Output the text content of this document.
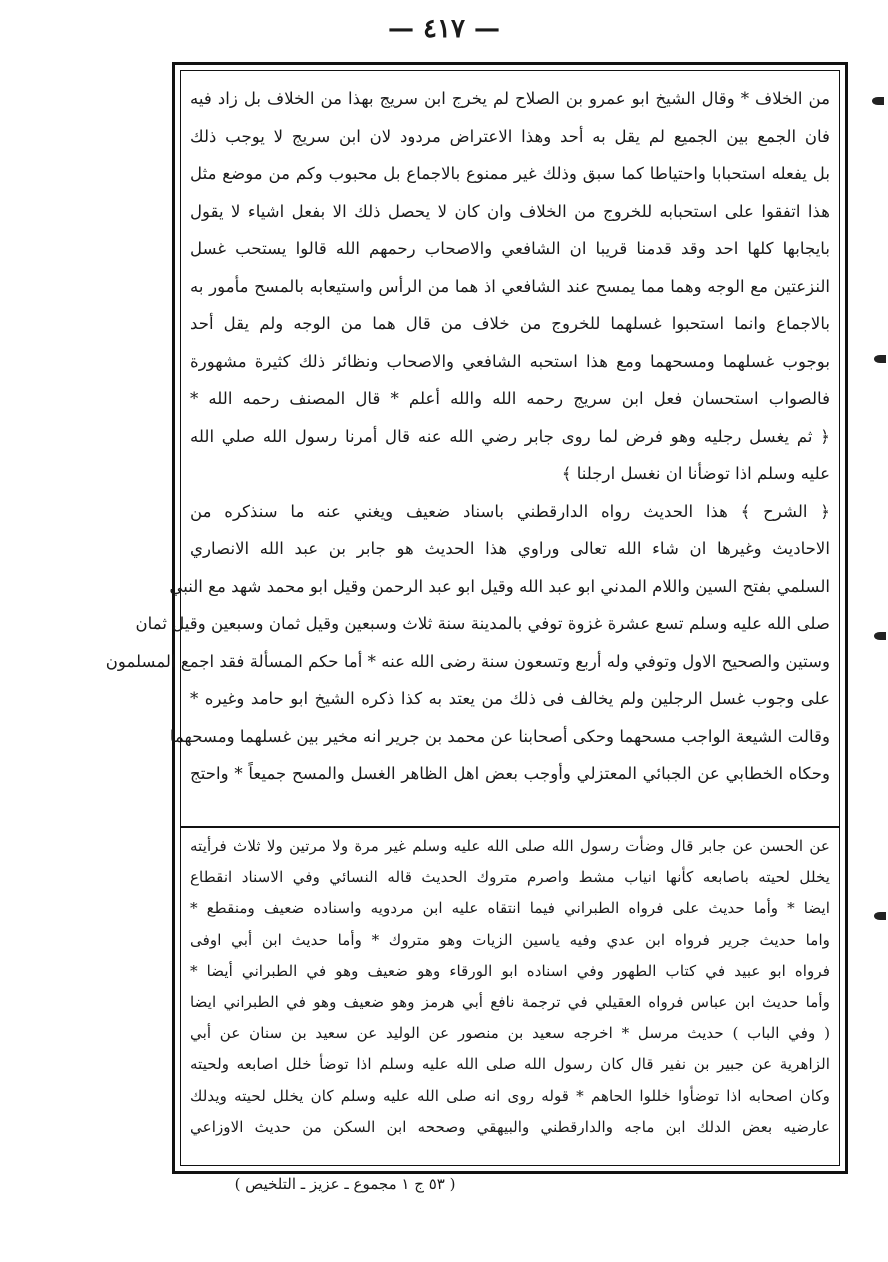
— ٤١٧ —
من الخلاف * وقال الشيخ ابو عمرو بن الصلاح لم يخرج ابن سريج بهذا من الخلاف بل زاد فيه
فان الجمع بين الجميع لم يقل به أحد وهذا الاعتراض مردود لان ابن سريج لا يوجب ذلك
بل يفعله استحبابا واحتياطا كما سبق وذلك غير ممنوع بالاجماع بل محبوب وكم من موضع مثل
هذا اتفقوا على استحبابه للخروج من الخلاف وان كان لا يحصل ذلك الا بفعل اشياء لا يقول
بايجابها كلها احد وقد قدمنا قريبا ان الشافعي والاصحاب رحمهم الله قالوا يستحب غسل
النزعتين مع الوجه وهما مما يمسح عند الشافعي اذ هما من الرأس واستيعابه بالمسح مأمور به
بالاجماع وانما استحبوا غسلهما للخروج من خلاف من قال هما من الوجه ولم يقل أحد
بوجوب غسلهما ومسحهما ومع هذا استحبه الشافعي والاصحاب ونظائر ذلك كثيرة مشهورة
فالصواب استحسان فعل ابن سريج رحمه الله والله أعلم * قال المصنف رحمه الله *
﴿ ثم يغسل رجليه وهو فرض لما روى جابر رضي الله عنه قال أمرنا رسول الله صلي الله
عليه وسلم اذا توضأنا ان نغسل ارجلنا ﴾
﴿ الشرح ﴾ هذا الحديث رواه الدارقطني باسناد ضعيف ويغني عنه ما سنذكره من
الاحاديث وغيرها ان شاء الله تعالى وراوي هذا الحديث هو جابر بن عبد الله الانصاري
السلمي بفتح السين واللام المدني ابو عبد الله وقيل ابو عبد الرحمن وقيل ابو محمد شهد مع النبي
صلى الله عليه وسلم تسع عشرة غزوة توفي بالمدينة سنة ثلاث وسبعين وقيل ثمان وسبعين وقيل ثمان
وستين والصحيح الاول وتوفي وله أربع وتسعون سنة رضى الله عنه * أما حكم المسألة فقد اجمع المسلمون
على وجوب غسل الرجلين ولم يخالف فى ذلك من يعتد به كذا ذكره الشيخ ابو حامد وغيره *
وقالت الشيعة الواجب مسحهما وحكى أصحابنا عن محمد بن جرير انه مخير بين غسلهما ومسحهما
وحكاه الخطابي عن الجبائي المعتزلي وأوجب بعض اهل الظاهر الغسل والمسح جميعاً * واحتج
عن الحسن عن جابر قال وضأت رسول الله صلى الله عليه وسلم غير مرة ولا مرتين ولا ثلاث فرأيته
يخلل لحيته باصابعه كأنها انياب مشط واصرم متروك الحديث قاله النسائي وفي الاسناد انقطاع
ايضا * وأما حديث على فرواه الطبراني فيما انتقاه عليه ابن مردويه واسناده ضعيف ومنقطع *
واما حديث جرير فرواه ابن عدي وفيه ياسين الزيات وهو متروك * وأما حديث ابن أبي اوفى
فرواه ابو عبيد في كتاب الطهور وفي اسناده ابو الورقاء وهو ضعيف وهو في الطبراني أيضا *
وأما حديث ابن عباس فرواه العقيلي في ترجمة نافع أبي هرمز وهو ضعيف وهو في الطبراني ايضا
( وفي الباب ) حديث مرسل * اخرجه سعيد بن منصور عن الوليد عن سعيد بن سنان عن أبي
الزاهرية عن جبير بن نفير قال كان رسول الله صلى الله عليه وسلم اذا توضأ خلل اصابعه ولحيته
وكان اصحابه اذا توضأوا خللوا الحاهم * قوله روى انه صلى الله عليه وسلم كان يخلل لحيته ويدلك
عارضيه بعض الدلك ابن ماجه والدارقطني والبيهقي وصححه ابن السكن من حديث الاوزاعي
( ٥٣ ج ١ مجموع ـ عزيز ـ التلخيص )
